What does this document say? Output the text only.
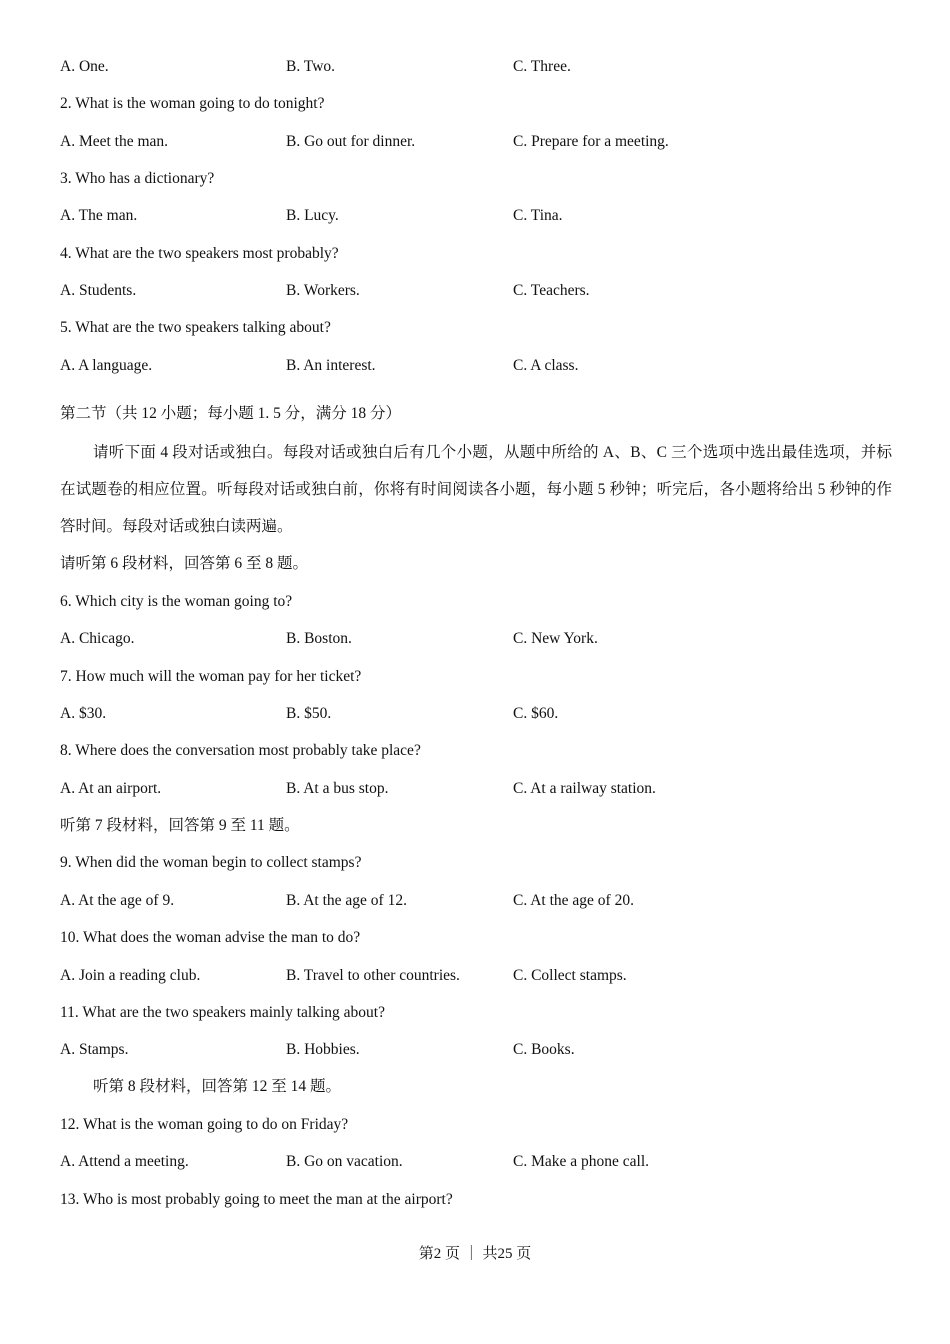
A. One.	B. Two.	C. Three.
2. What is the woman going to do tonight?
A. Meet the man.	B. Go out for dinner.	C. Prepare for a meeting.
3. Who has a dictionary?
A. The man.	B. Lucy.	C. Tina.
4. What are the two speakers most probably?
A. Students.	B. Workers.	C. Teachers.
5. What are the two speakers talking about?
A. A language.	B. An interest.	C. A class.
第二节（共 12 小题；每小题 1. 5 分，满分 18 分）
请听下面 4 段对话或独白。每段对话或独白后有几个小题，从题中所给的 A、B、C 三个选项中选出最佳选项，并标在试题卷的相应位置。听每段对话或独白前，你将有时间阅读各小题，每小题 5 秒钟；听完后，各小题将给出 5 秒钟的作答时间。每段对话或独白读两遍。
请听第 6 段材料，回答第 6 至 8 题。
6. Which city is the woman going to?
A. Chicago.	B. Boston.	C. New York.
7. How much will the woman pay for her ticket?
A. $30.	B. $50.	C. $60.
8. Where does the conversation most probably take place?
A. At an airport.	B. At a bus stop.	C. At a railway station.
听第 7 段材料，回答第 9 至 11 题。
9. When did the woman begin to collect stamps?
A. At the age of 9.	B. At the age of 12.	C. At the age of 20.
10. What does the woman advise the man to do?
A. Join a reading club.	B. Travel to other countries.	C. Collect stamps.
11. What are the two speakers mainly talking about?
A. Stamps.	B. Hobbies.	C. Books.
听第 8 段材料，回答第 12 至 14 题。
12. What is the woman going to do on Friday?
A. Attend a meeting.	B. Go on vacation.	C. Make a phone call.
13. Who is most probably going to meet the man at the airport?
第2 页 ｜ 共25 页
